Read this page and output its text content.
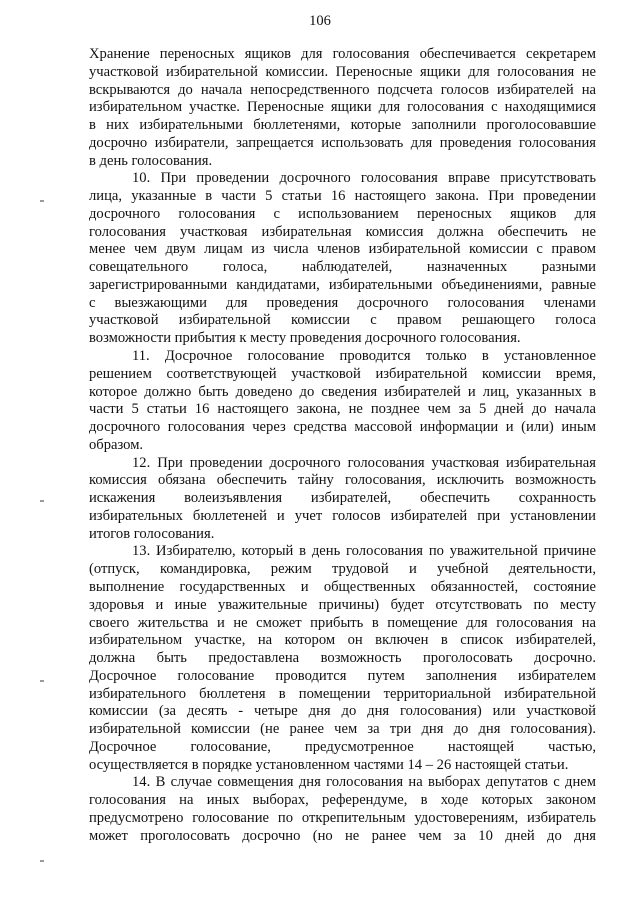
106
Хранение переносных ящиков для голосования обеспечивается секретарем
участковой избирательной комиссии. Переносные ящики для голосования не
вскрываются до начала непосредственного подсчета голосов избирателей на
избирательном участке. Переносные ящики для голосования с находящимися
в них избирательными бюллетенями, которые заполнили проголосовавшие
досрочно избиратели, запрещается использовать для проведения голосования
в день голосования.
10. При проведении досрочного голосования вправе присутствовать
лица, указанные в части 5 статьи 16 настоящего закона. При проведении
досрочного голосования с использованием переносных ящиков для
голосования участковая избирательная комиссия должна обеспечить не
менее чем двум лицам из числа членов избирательной комиссии с правом
совещательного голоса, наблюдателей, назначенных разными
зарегистрированными кандидатами, избирательными объединениями, равные
с выезжающими для проведения досрочного голосования членами
участковой избирательной комиссии с правом решающего голоса
возможности прибытия к месту проведения досрочного голосования.
11. Досрочное голосование проводится только в установленное
решением соответствующей участковой избирательной комиссии время,
которое должно быть доведено до сведения избирателей и лиц, указанных в
части 5 статьи 16 настоящего закона, не позднее чем за 5 дней до начала
досрочного голосования через средства массовой информации и (или) иным
образом.
12. При проведении досрочного голосования участковая избирательная
комиссия обязана обеспечить тайну голосования, исключить возможность
искажения волеизъявления избирателей, обеспечить сохранность
избирательных бюллетеней и учет голосов избирателей при установлении
итогов голосования.
13. Избирателю, который в день голосования по уважительной причине
(отпуск, командировка, режим трудовой и учебной деятельности,
выполнение государственных и общественных обязанностей, состояние
здоровья и иные уважительные причины) будет отсутствовать по месту
своего жительства и не сможет прибыть в помещение для голосования на
избирательном участке, на котором он включен в список избирателей,
должна быть предоставлена возможность проголосовать досрочно.
Досрочное голосование проводится путем заполнения избирателем
избирательного бюллетеня в помещении территориальной избирательной
комиссии (за десять - четыре дня до дня голосования) или участковой
избирательной комиссии (не ранее чем за три дня до дня голосования).
Досрочное голосование, предусмотренное настоящей частью,
осуществляется в порядке установленном частями 14 – 26 настоящей статьи.
14. В случае совмещения дня голосования на выборах депутатов с днем
голосования на иных выборах, референдуме, в ходе которых законом
предусмотрено голосование по открепительным удостоверениям, избиратель
может проголосовать досрочно (но не ранее чем за 10 дней до дня
